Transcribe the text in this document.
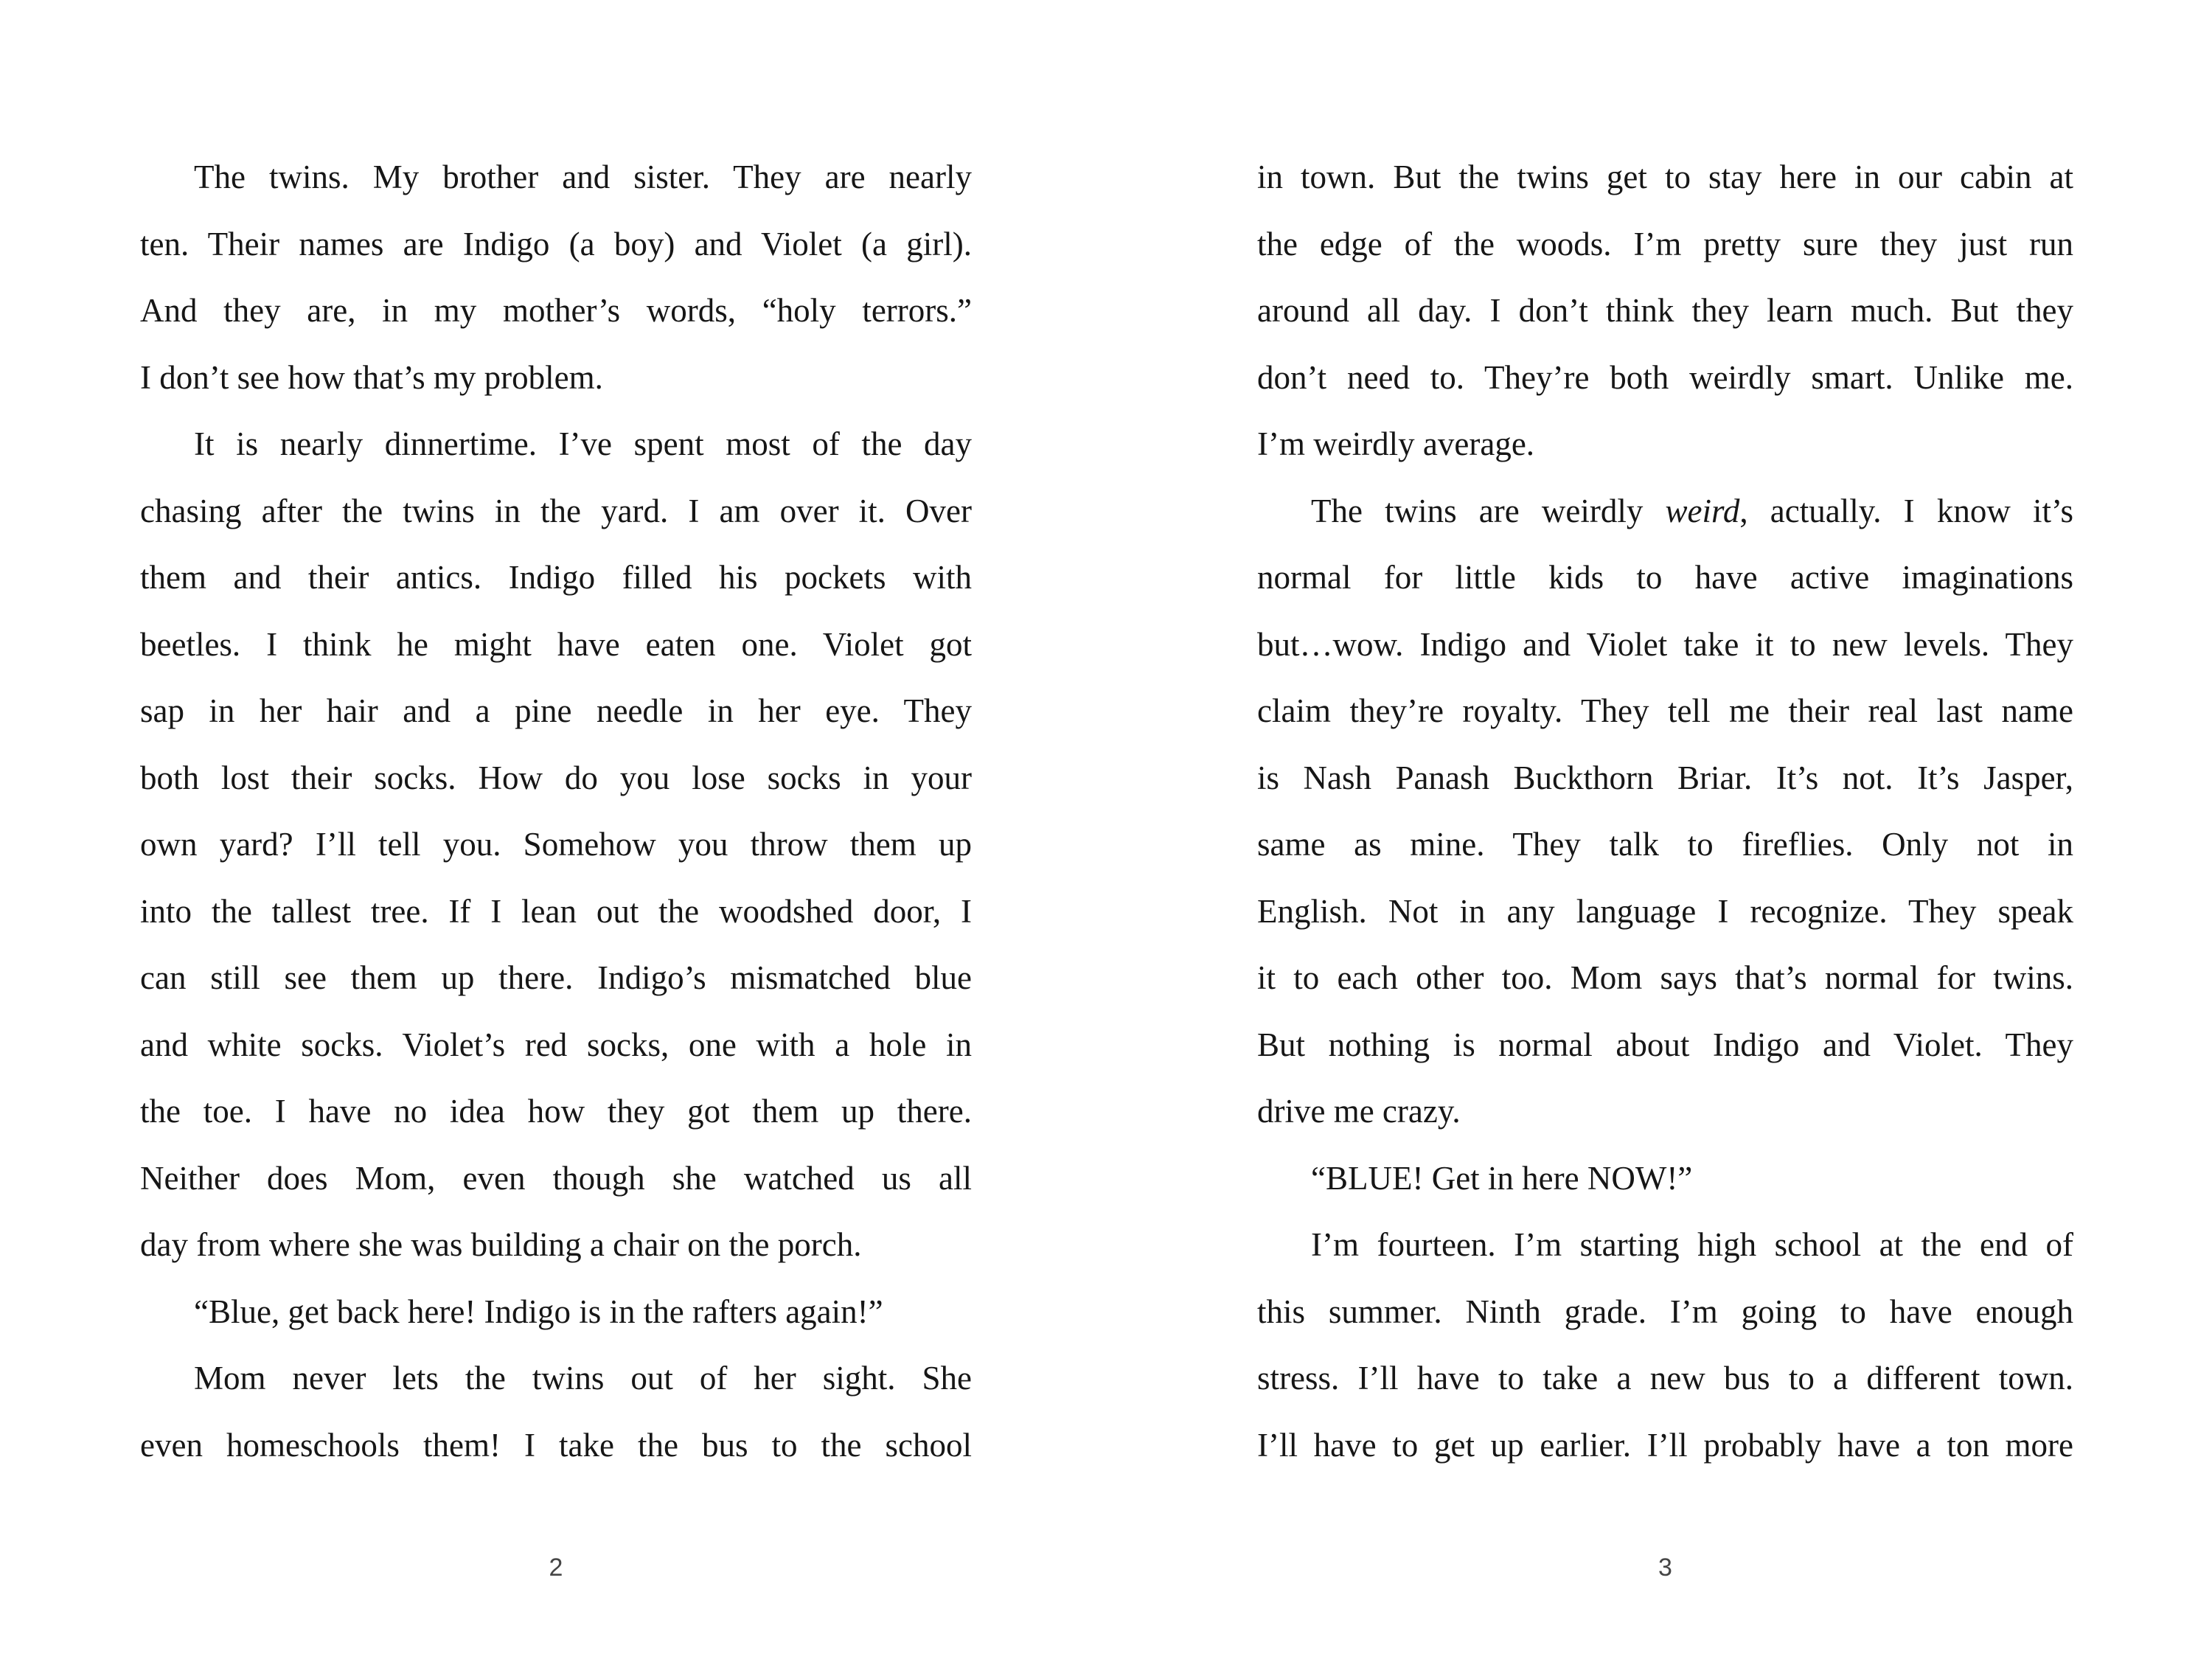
The twins. My brother and sister. They are nearly
ten. Their names are Indigo (a boy) and Violet (a girl).
And they are, in my mother’s words, “holy terrors.”
I don’t see how that’s my problem.
It is nearly dinnertime. I’ve spent most of the day
chasing after the twins in the yard. I am over it. Over
them and their antics. Indigo filled his pockets with
beetles. I think he might have eaten one. Violet got
sap in her hair and a pine needle in her eye. They
both lost their socks. How do you lose socks in your
own yard? I’ll tell you. Somehow you throw them up
into the tallest tree. If I lean out the woodshed door, I
can still see them up there. Indigo’s mismatched blue
and white socks. Violet’s red socks, one with a hole in
the toe. I have no idea how they got them up there.
Neither does Mom, even though she watched us all
day from where she was building a chair on the porch.
“Blue, get back here! Indigo is in the rafters again!”
Mom never lets the twins out of her sight. She
even homeschools them! I take the bus to the school
2
in town. But the twins get to stay here in our cabin at
the edge of the woods. I’m pretty sure they just run
around all day. I don’t think they learn much. But they
don’t need to. They’re both weirdly smart. Unlike me.
I’m weirdly average.
The twins are weirdly weird, actually. I know it’s
normal for little kids to have active imaginations
but…wow. Indigo and Violet take it to new levels. They
claim they’re royalty. They tell me their real last name
is Nash Panash Buckthorn Briar. It’s not. It’s Jasper,
same as mine. They talk to fireflies. Only not in
English. Not in any language I recognize. They speak
it to each other too. Mom says that’s normal for twins.
But nothing is normal about Indigo and Violet. They
drive me crazy.
“BLUE! Get in here NOW!”
I’m fourteen. I’m starting high school at the end of
this summer. Ninth grade. I’m going to have enough
stress. I’ll have to take a new bus to a different town.
I’ll have to get up earlier. I’ll probably have a ton more
3
